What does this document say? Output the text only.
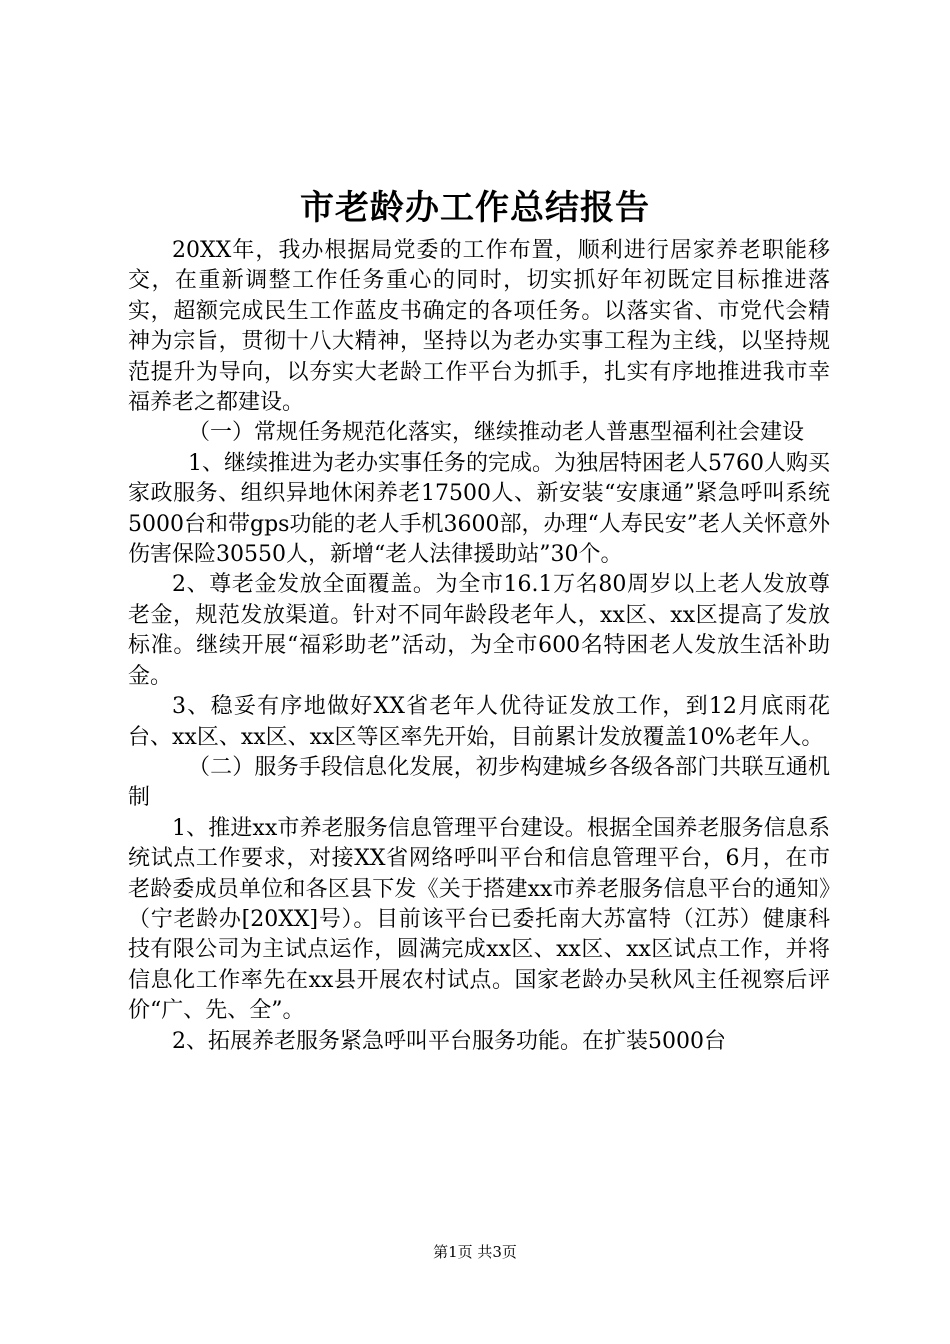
市老龄办工作总结报告

20XX年，我办根据局党委的工作布置，顺利进行居家养老职能移交，在重新调整工作任务重心的同时，切实抓好年初既定目标推进落实，超额完成民生工作蓝皮书确定的各项任务。以落实省、市党代会精神为宗旨，贯彻十八大精神，坚持以为老办实事工程为主线，以坚持规范提升为导向，以夯实大老龄工作平台为抓手，扎实有序地推进我市幸福养老之都建设。

（一）常规任务规范化落实，继续推动老人普惠型福利社会建设

1、继续推进为老办实事任务的完成。为独居特困老人5760人购买家政服务、组织异地休闲养老17500人、新安装“安康通”紧急呼叫系统5000台和带gps功能的老人手机3600部，办理“人寿民安”老人关怀意外伤害保险30550人，新增“老人法律援助站”30个。

2、尊老金发放全面覆盖。为全市16.1万名80周岁以上老人发放尊老金，规范发放渠道。针对不同年龄段老年人，xx区、xx区提高了发放标准。继续开展“福彩助老”活动，为全市600名特困老人发放生活补助金。

3、稳妥有序地做好XX省老年人优待证发放工作，到12月底雨花台、xx区、xx区、xx区等区率先开始，目前累计发放覆盖10%老年人。

（二）服务手段信息化发展，初步构建城乡各级各部门共联互通机制

1、推进xx市养老服务信息管理平台建设。根据全国养老服务信息系统试点工作要求，对接XX省网络呼叫平台和信息管理平台，6月，在市老龄委成员单位和各区县下发《关于搭建xx市养老服务信息平台的通知》（宁老龄办[20XX]号）。目前该平台已委托南大苏富特（江苏）健康科技有限公司为主试点运作，圆满完成xx区、xx区、xx区试点工作，并将信息化工作率先在xx县开展农村试点。国家老龄办吴秋风主任视察后评价“广、先、全”。

2、拓展养老服务紧急呼叫平台服务功能。在扩装5000台

第1页 共3页
